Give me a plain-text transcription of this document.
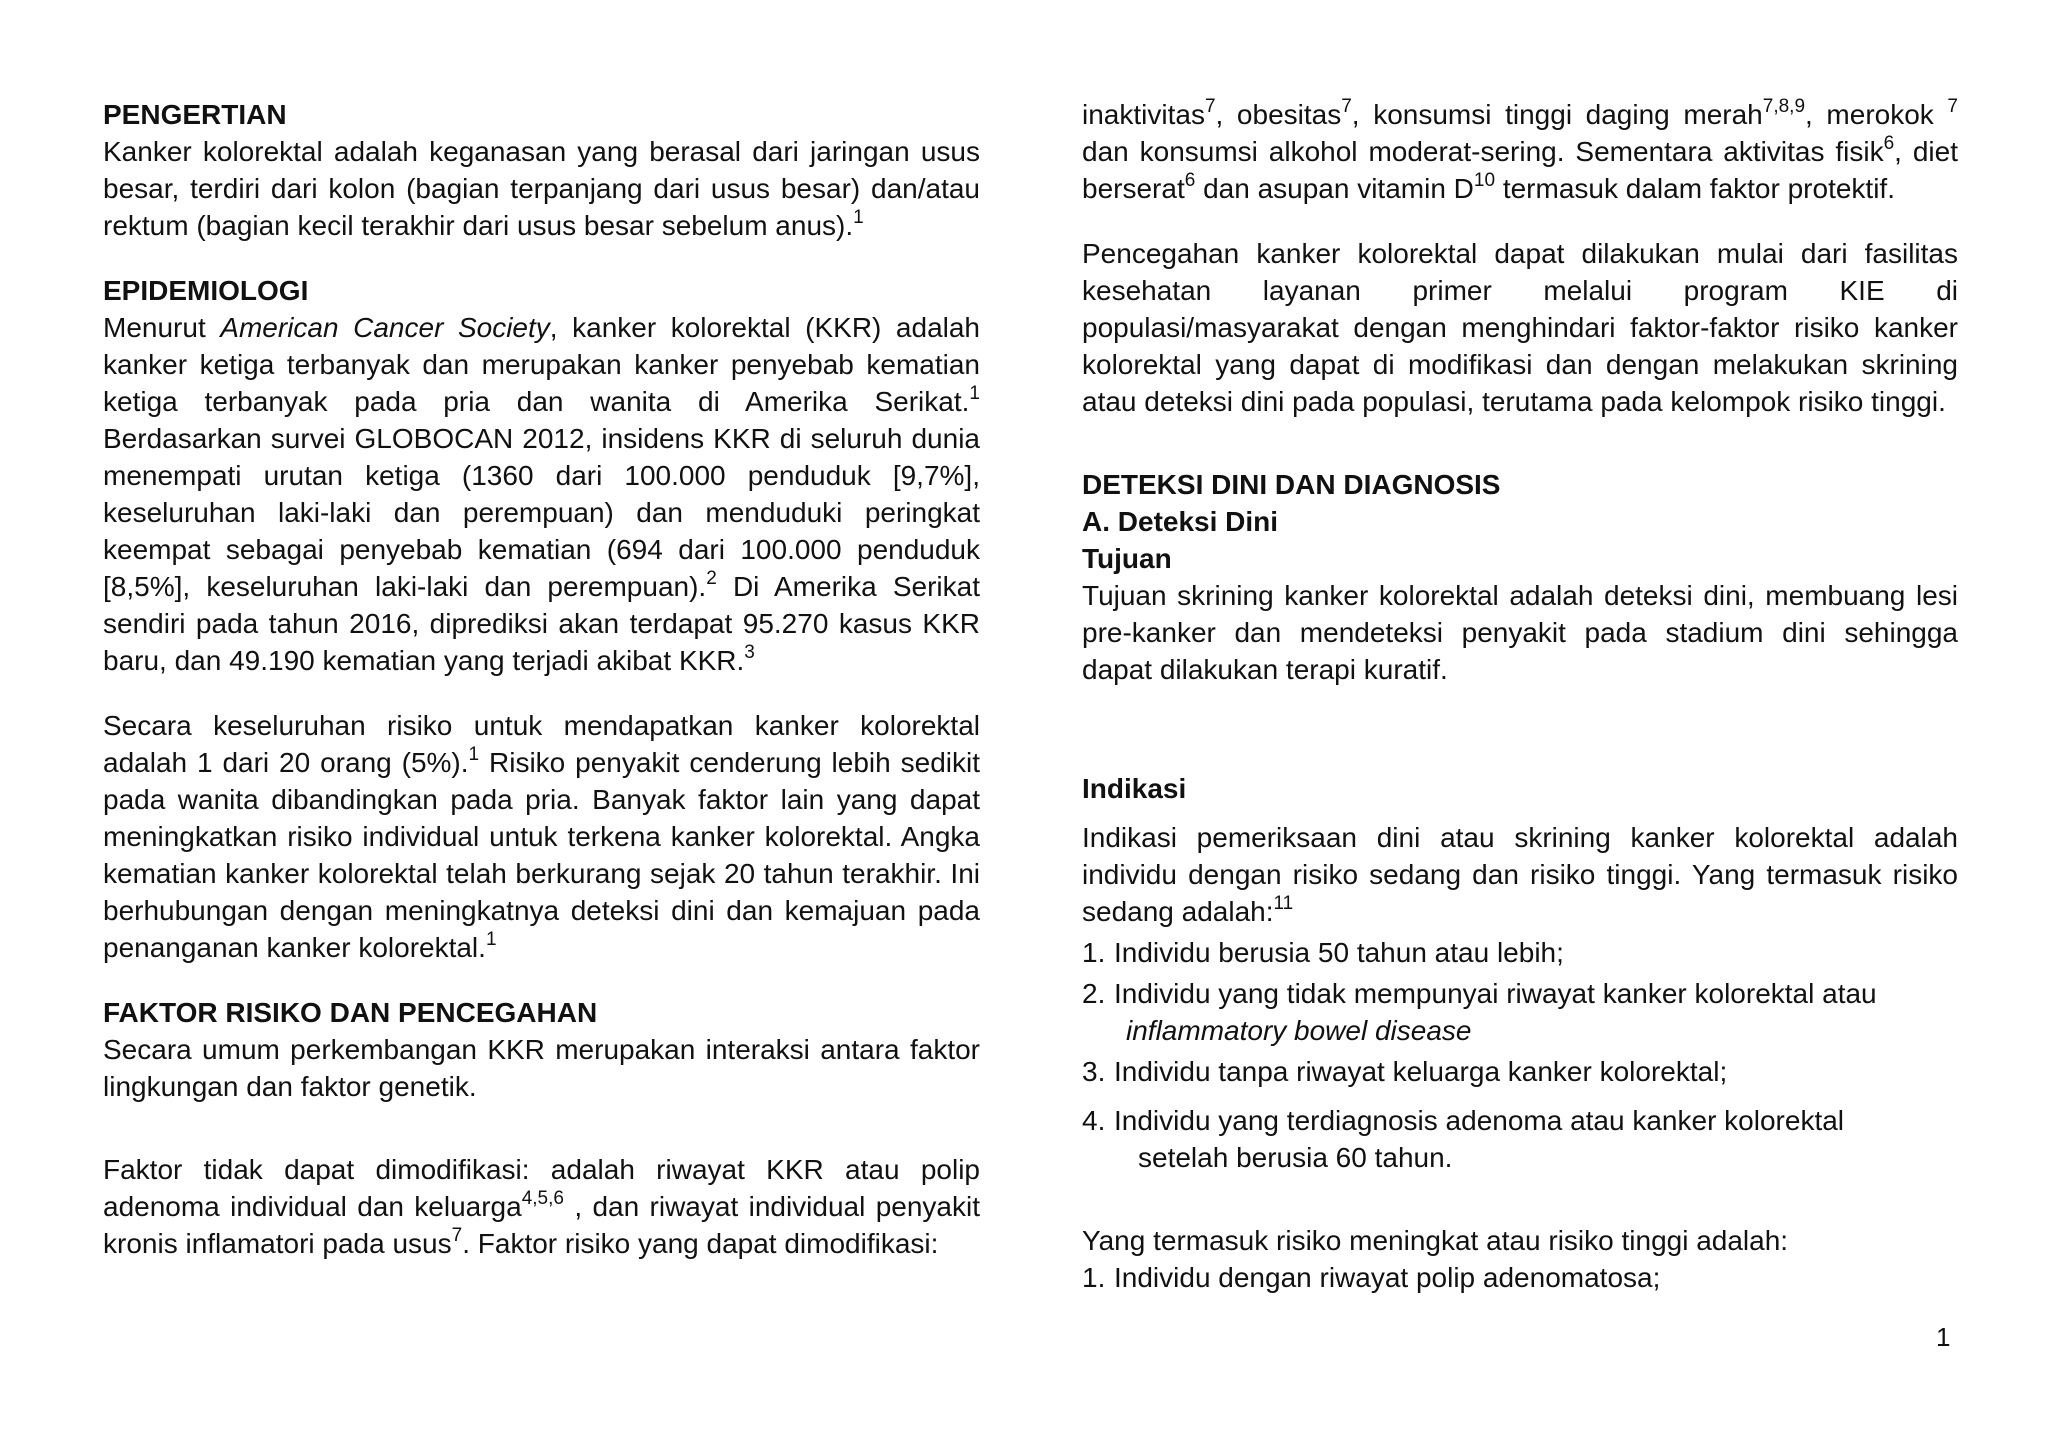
PENGERTIAN

Kanker kolorektal adalah keganasan yang berasal dari jaringan usus besar, terdiri dari kolon (bagian terpanjang dari usus besar) dan/atau rektum (bagian kecil terakhir dari usus besar sebelum anus).$^1$

EPIDEMIOLOGI

Menurut American Cancer Society, kanker kolorektal (KKR) adalah kanker ketiga terbanyak dan merupakan kanker penyebab kematian ketiga terbanyak pada pria dan wanita di Amerika Serikat.$^1$ Berdasarkan survei GLOBOCAN 2012, insidens KKR di seluruh dunia menempati urutan ketiga (1360 dari 100.000 penduduk [9,7%], keseluruhan laki-laki dan perempuan) dan menduduki peringkat keempat sebagai penyebab kematian (694 dari 100.000 penduduk [8,5%], keseluruhan laki-laki dan perempuan).$^2$ Di Amerika Serikat sendiri pada tahun 2016, diprediksi akan terdapat 95.270 kasus KKR baru, dan 49.190 kematian yang terjadi akibat KKR.$^3$

Secara keseluruhan risiko untuk mendapatkan kanker kolorektal adalah 1 dari 20 orang (5%).$^1$ Risiko penyakit cenderung lebih sedikit pada wanita dibandingkan pada pria. Banyak faktor lain yang dapat meningkatkan risiko individual untuk terkena kanker kolorektal. Angka kematian kanker kolorektal telah berkurang sejak 20 tahun terakhir. Ini berhubungan dengan meningkatnya deteksi dini dan kemajuan pada penanganan kanker kolorektal.$^1$

FAKTOR RISIKO DAN PENCEGAHAN

Secara umum perkembangan KKR merupakan interaksi antara faktor lingkungan dan faktor genetik.

Faktor tidak dapat dimodifikasi: adalah riwayat KKR atau polip adenoma individual dan keluarga$^{4,5,6}$ , dan riwayat individual penyakit kronis inflamatori pada usus$^7$. Faktor risiko yang dapat dimodifikasi:

inaktivitas$^7$, obesitas$^7$, konsumsi tinggi daging merah$^{7,8,9}$, merokok $^7$ dan konsumsi alkohol moderat-sering. Sementara aktivitas fisik$^6$, diet berserat$^6$ dan asupan vitamin $D^{10}$ termasuk dalam faktor protektif.

Pencegahan kanker kolorektal dapat dilakukan mulai dari fasilitas kesehatan layanan primer melalui program KIE di populasi/masyarakat dengan menghindari faktor-faktor risiko kanker kolorektal yang dapat di modifikasi dan dengan melakukan skrining atau deteksi dini pada populasi, terutama pada kelompok risiko tinggi.

DETEKSI DINI DAN DIAGNOSIS
A. Deteksi Dini
Tujuan

Tujuan skrining kanker kolorektal adalah deteksi dini, membuang lesi pre-kanker dan mendeteksi penyakit pada stadium dini sehingga dapat dilakukan terapi kuratif.

Indikasi

Indikasi pemeriksaan dini atau skrining kanker kolorektal adalah individu dengan risiko sedang dan risiko tinggi. Yang termasuk risiko sedang adalah:$^{11}$

1. Individu berusia 50 tahun atau lebih;
2. Individu yang tidak mempunyai riwayat kanker kolorektal atau
inflammatory bowel disease
3. Individu tanpa riwayat keluarga kanker kolorektal;
4. Individu yang terdiagnosis adenoma atau kanker kolorektal
setelah berusia 60 tahun.

Yang termasuk risiko meningkat atau risiko tinggi adalah:

1. Individu dengan riwayat polip adenomatosa;
1
